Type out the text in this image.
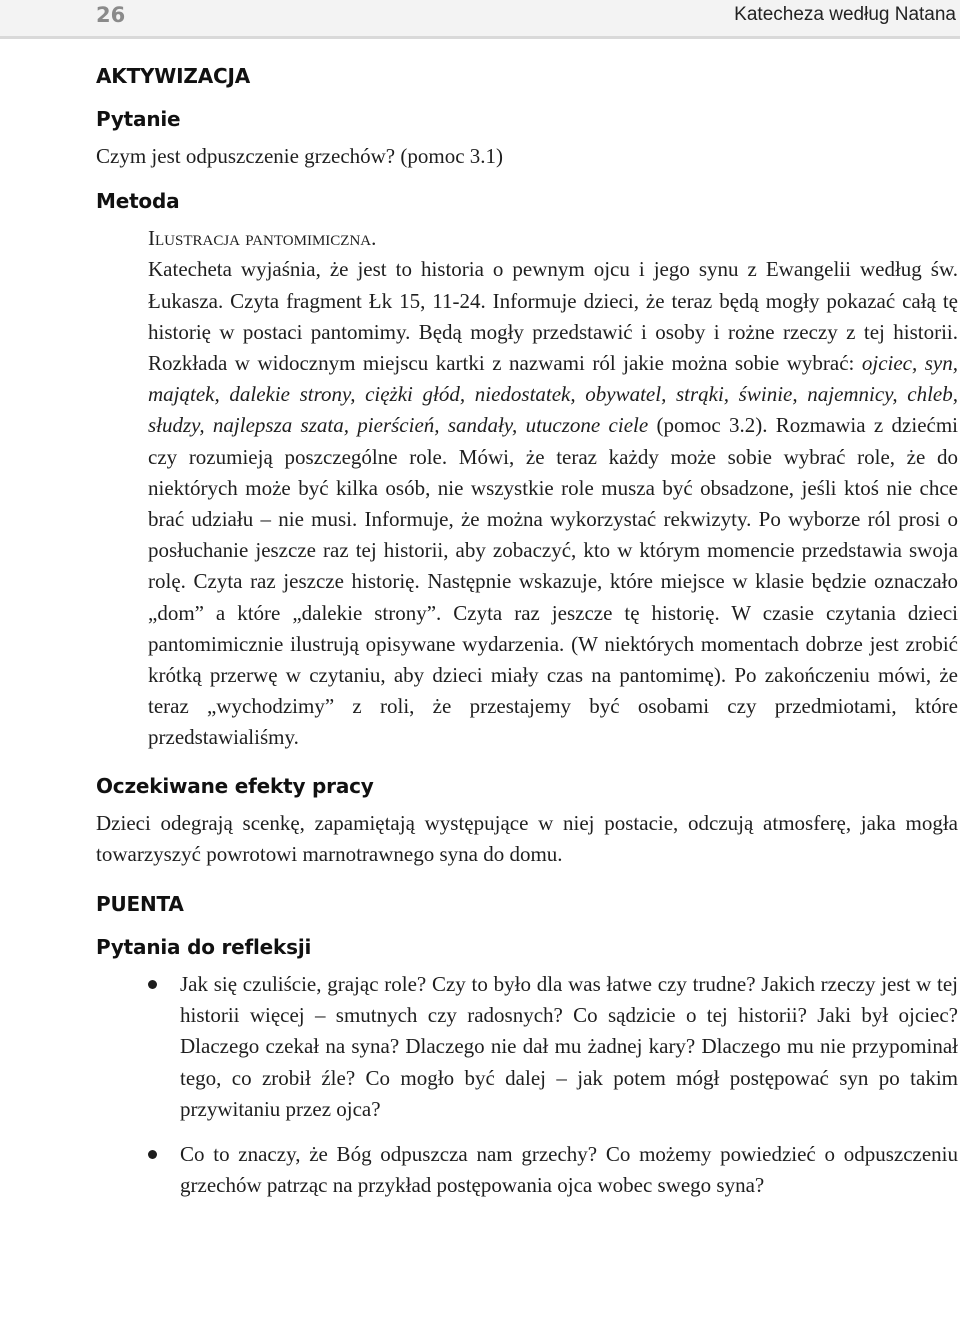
26	Katecheza według Natana
AKTYWIZACJA
Pytanie

Czym jest odpuszczenie grzechów? (pomoc 3.1)

Metoda

Ilustracja pantomimiczna.

Katecheta wyjaśnia, że jest to historia o pewnym ojcu i jego synu z Ewangelii według św. Łukasza. Czyta fragment Łk 15, 11-24. Informuje dzieci, że teraz będą mogły pokazać całą tę historię w postaci pantomimy. Będą mogły przedstawić i osoby i rożne rzeczy z tej historii. Rozkłada w widocznym miejscu kartki z nazwami ról jakie można sobie wybrać: ojciec, syn, majątek, dalekie strony, ciężki głód, niedostatek, obywatel, strąki, świnie, najemnicy, chleb, słudzy, najlepsza szata, pierścień, sandały, utuczone ciele (pomoc 3.2). Rozmawia z dziećmi czy rozumieją poszczególne role. Mówi, że teraz każdy może sobie wybrać role, że do niektórych może być kilka osób, nie wszystkie role musza być obsadzone, jeśli ktoś nie chce brać udziału – nie musi. Informuje, że można wykorzystać rekwizyty. Po wyborze ról prosi o posłuchanie jeszcze raz tej historii, aby zobaczyć, kto w którym momencie przedstawia swoja rolę. Czyta raz jeszcze historię. Następnie wskazuje, które miejsce w klasie będzie oznaczało „dom” a które „dalekie strony”. Czyta raz jeszcze tę historię. W czasie czytania dzieci pantomimicznie ilustrują opisywane wydarzenia. (W niektórych momentach dobrze jest zrobić krótką przerwę w czytaniu, aby dzieci miały czas na pantomimę). Po zakończeniu mówi, że teraz „wychodzimy” z roli, że przestajemy być osobami czy przedmiotami, które przedstawialiśmy.

Oczekiwane efekty pracy

Dzieci odegrają scenkę, zapamiętają występujące w niej postacie, odczują atmosferę, jaka mogła towarzyszyć powrotowi marnotrawnego syna do domu.

PUENTA
Pytania do refleksji

Jak się czuliście, grając role? Czy to było dla was łatwe czy trudne? Jakich rzeczy jest w tej historii więcej – smutnych czy radosnych? Co sądzicie o tej historii? Jaki był ojciec? Dlaczego czekał na syna? Dlaczego nie dał mu żadnej kary? Dlaczego mu nie przypominał tego, co zrobił źle? Co mogło być dalej – jak potem mógł postępować syn po takim przywitaniu przez ojca?

Co to znaczy, że Bóg odpuszcza nam grzechy? Co możemy powiedzieć o odpuszczeniu grzechów patrząc na przykład postępowania ojca wobec swego syna?
